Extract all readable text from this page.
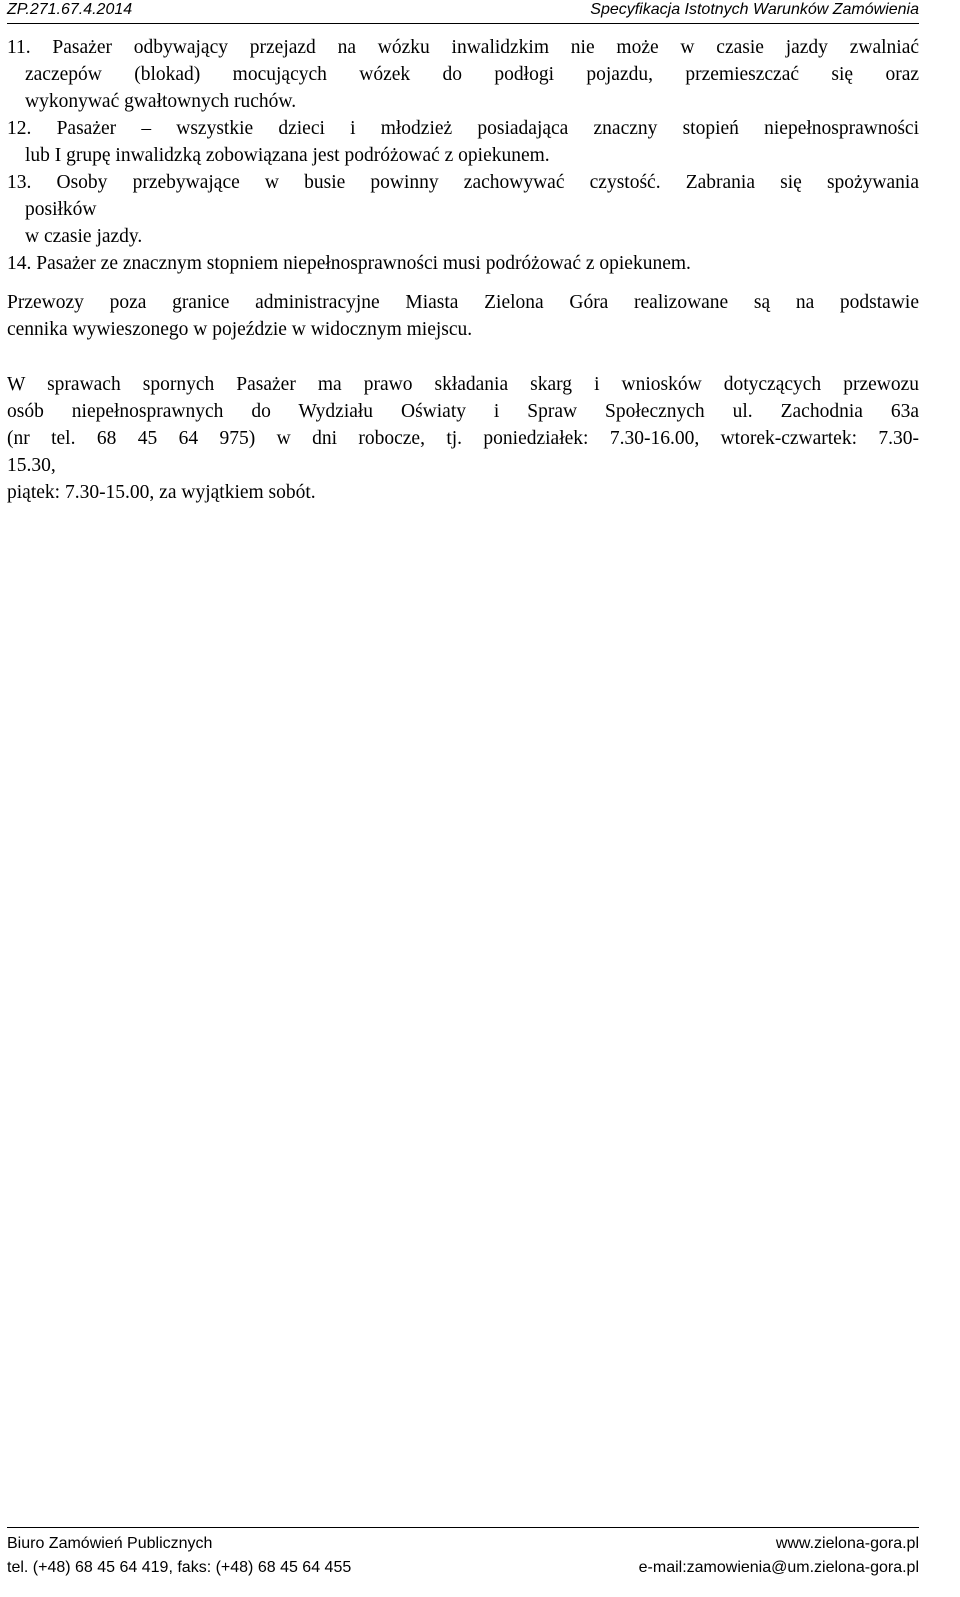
ZP.271.67.4.2014	Specyfikacja Istotnych Warunków Zamówienia

11. Pasażer odbywający przejazd na wózku inwalidzkim nie może w czasie jazdy zwalniać

zaczepów (blokad) mocujących wózek do podłogi pojazdu, przemieszczać się oraz

wykonywać gwałtownych ruchów.

12. Pasażer – wszystkie dzieci i młodzież posiadająca znaczny stopień niepełnosprawności

lub I grupę inwalidzką zobowiązana jest podróżować z opiekunem.

13. Osoby przebywające w busie powinny zachowywać czystość. Zabrania się spożywania

posiłków

w czasie jazdy.

14. Pasażer ze znacznym stopniem niepełnosprawności musi podróżować z opiekunem.

Przewozy poza granice administracyjne Miasta Zielona Góra realizowane są na podstawie

cennika wywieszonego w pojeździe w widocznym miejscu.

W sprawach spornych Pasażer ma prawo składania skarg i wniosków dotyczących przewozu

osób niepełnosprawnych do Wydziału Oświaty i Spraw Społecznych ul. Zachodnia 63a

(nr tel. 68 45 64 975) w dni robocze, tj. poniedziałek: 7.30-16.00, wtorek-czwartek: 7.30-

15.30,

piątek: 7.30-15.00, za wyjątkiem sobót.

Biuro Zamówień Publicznych	www.zielona-gora.pl
tel. (+48) 68 45 64 419, faks: (+48) 68 45 64 455	e-mail:zamowienia@um.zielona-gora.pl
